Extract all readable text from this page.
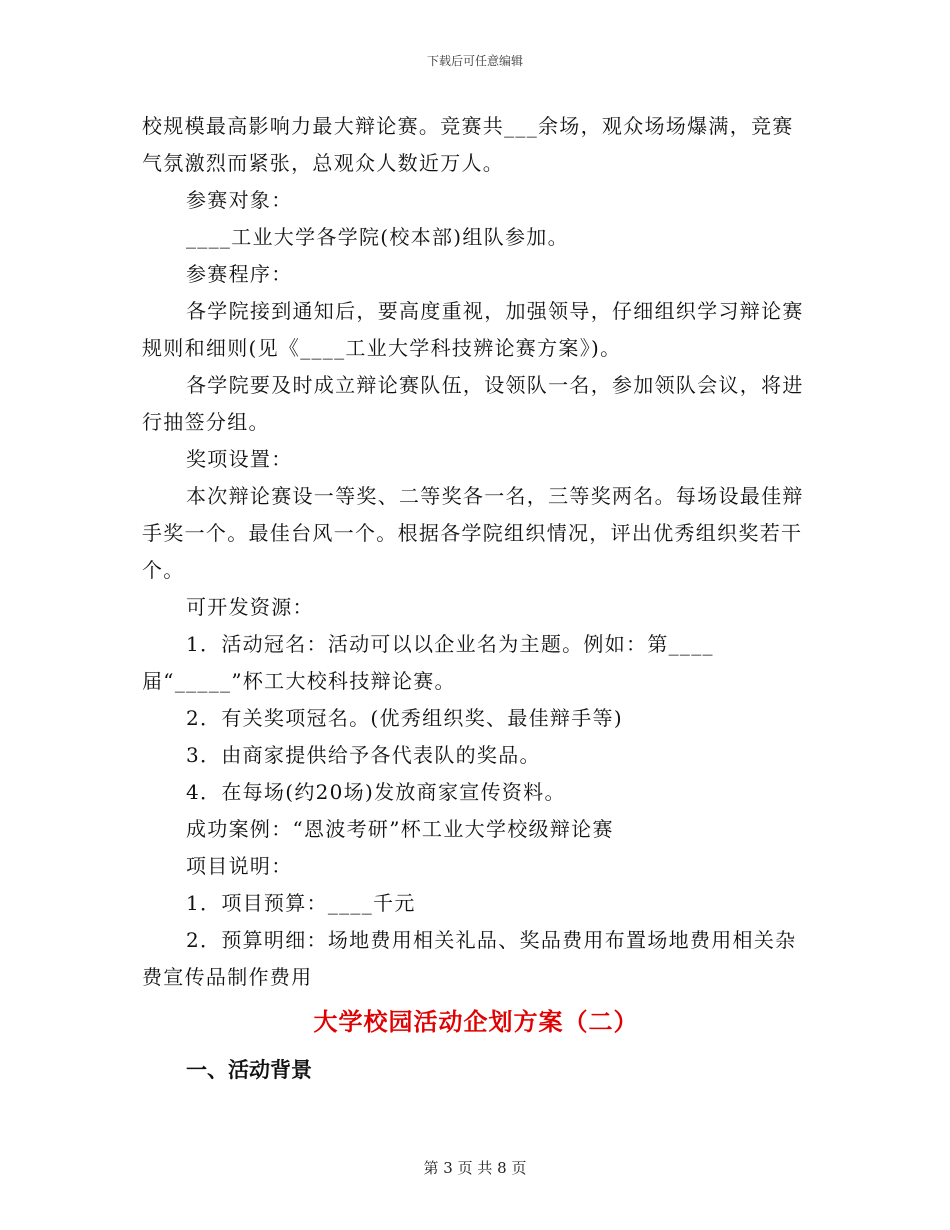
下载后可任意编辑

校规模最高影响力最大辩论赛。竞赛共___余场，观众场场爆满，竞赛气氛激烈而紧张，总观众人数近万人。

参赛对象：

____工业大学各学院(校本部)组队参加。

参赛程序：

各学院接到通知后，要高度重视，加强领导，仔细组织学习辩论赛规则和细则(见《____工业大学科技辨论赛方案》)。

各学院要及时成立辩论赛队伍，设领队一名，参加领队会议，将进行抽签分组。

奖项设置：

本次辩论赛设一等奖、二等奖各一名，三等奖两名。每场设最佳辩手奖一个。最佳台风一个。根据各学院组织情况，评出优秀组织奖若干个。

可开发资源：

1．活动冠名：活动可以以企业名为主题。例如：第____届“_____”杯工大校科技辩论赛。

2．有关奖项冠名。(优秀组织奖、最佳辩手等)

3．由商家提供给予各代表队的奖品。

4．在每场(约20场)发放商家宣传资料。

成功案例：“恩波考研”杯工业大学校级辩论赛

项目说明：

1．项目预算：____千元

2．预算明细：场地费用相关礼品、奖品费用布置场地费用相关杂费宣传品制作费用

大学校园活动企划方案（二）
一、活动背景
第 3 页 共 8 页
